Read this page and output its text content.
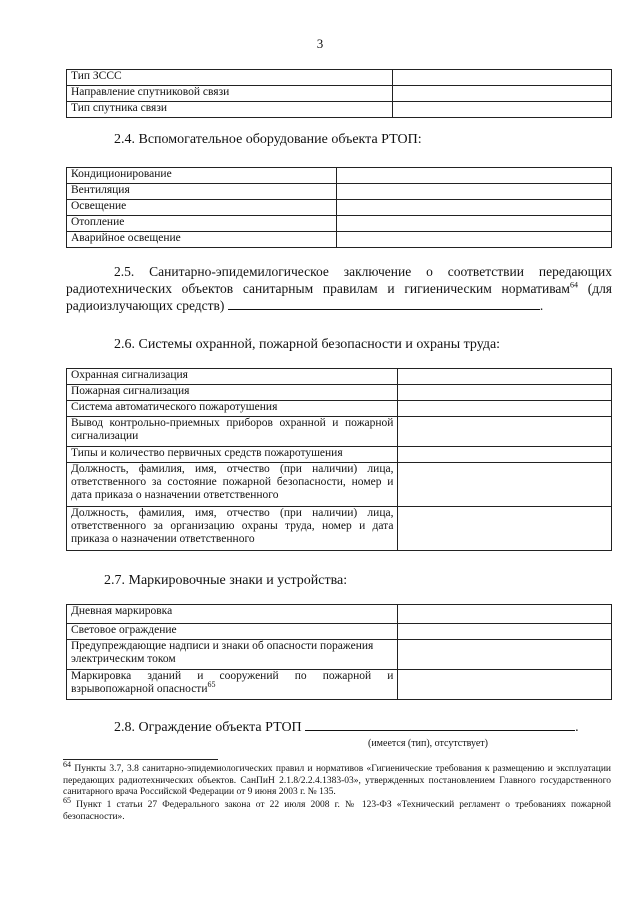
3
Тип ЗССС	
Направление спутниковой связи	
Тип спутника связи	
2.4. Вспомогательное оборудование объекта РТОП:
Кондиционирование	
Вентиляция	
Освещение	
Отопление	
Аварийное освещение	
2.5. Санитарно-эпидемилогическое заключение о соответствии передающих радиотехнических объектов санитарным правилам и гигиеническим нормативам$^{64}$ (для радиоизлучающих средств)	.
2.6. Системы охранной, пожарной безопасности и охраны труда:
Охранная сигнализация	
Пожарная сигнализация	
Система автоматического пожаротушения	
Вывод контрольно-приемных приборов охранной и пожарной сигнализации	
Типы и количество первичных средств пожаротушения	
Должность, фамилия, имя, отчество (при наличии) лица, ответственного за состояние пожарной безопасности, номер и дата приказа о назначении ответственного	
Должность, фамилия, имя, отчество (при наличии) лица, ответственного за организацию охраны труда, номер и дата приказа о назначении ответственного	
2.7. Маркировочные знаки и устройства:
Дневная маркировка	
Световое ограждение	
Предупреждающие надписи и знаки об опасности поражения электрическим током	
Маркировка зданий и сооружений по пожарной и взрывопожарной опасности$^{65}$	
2.8. Ограждение объекта РТОП	.
(имеется (тип), отсутствует)
$^{64}$ Пункты 3.7, 3.8 санитарно-эпидемиологических правил и нормативов «Гигиенические требования к размещению и эксплуатации передающих радиотехнических объектов. СанПиН 2.1.8/2.2.4.1383-03», утвержденных постановлением Главного государственного санитарного врача Российской Федерации от 9 июня 2003 г. № 135.
$^{65}$ Пункт 1 статьи 27 Федерального закона от 22 июля 2008 г. № 123-ФЗ «Технический регламент о требованиях пожарной безопасности».
